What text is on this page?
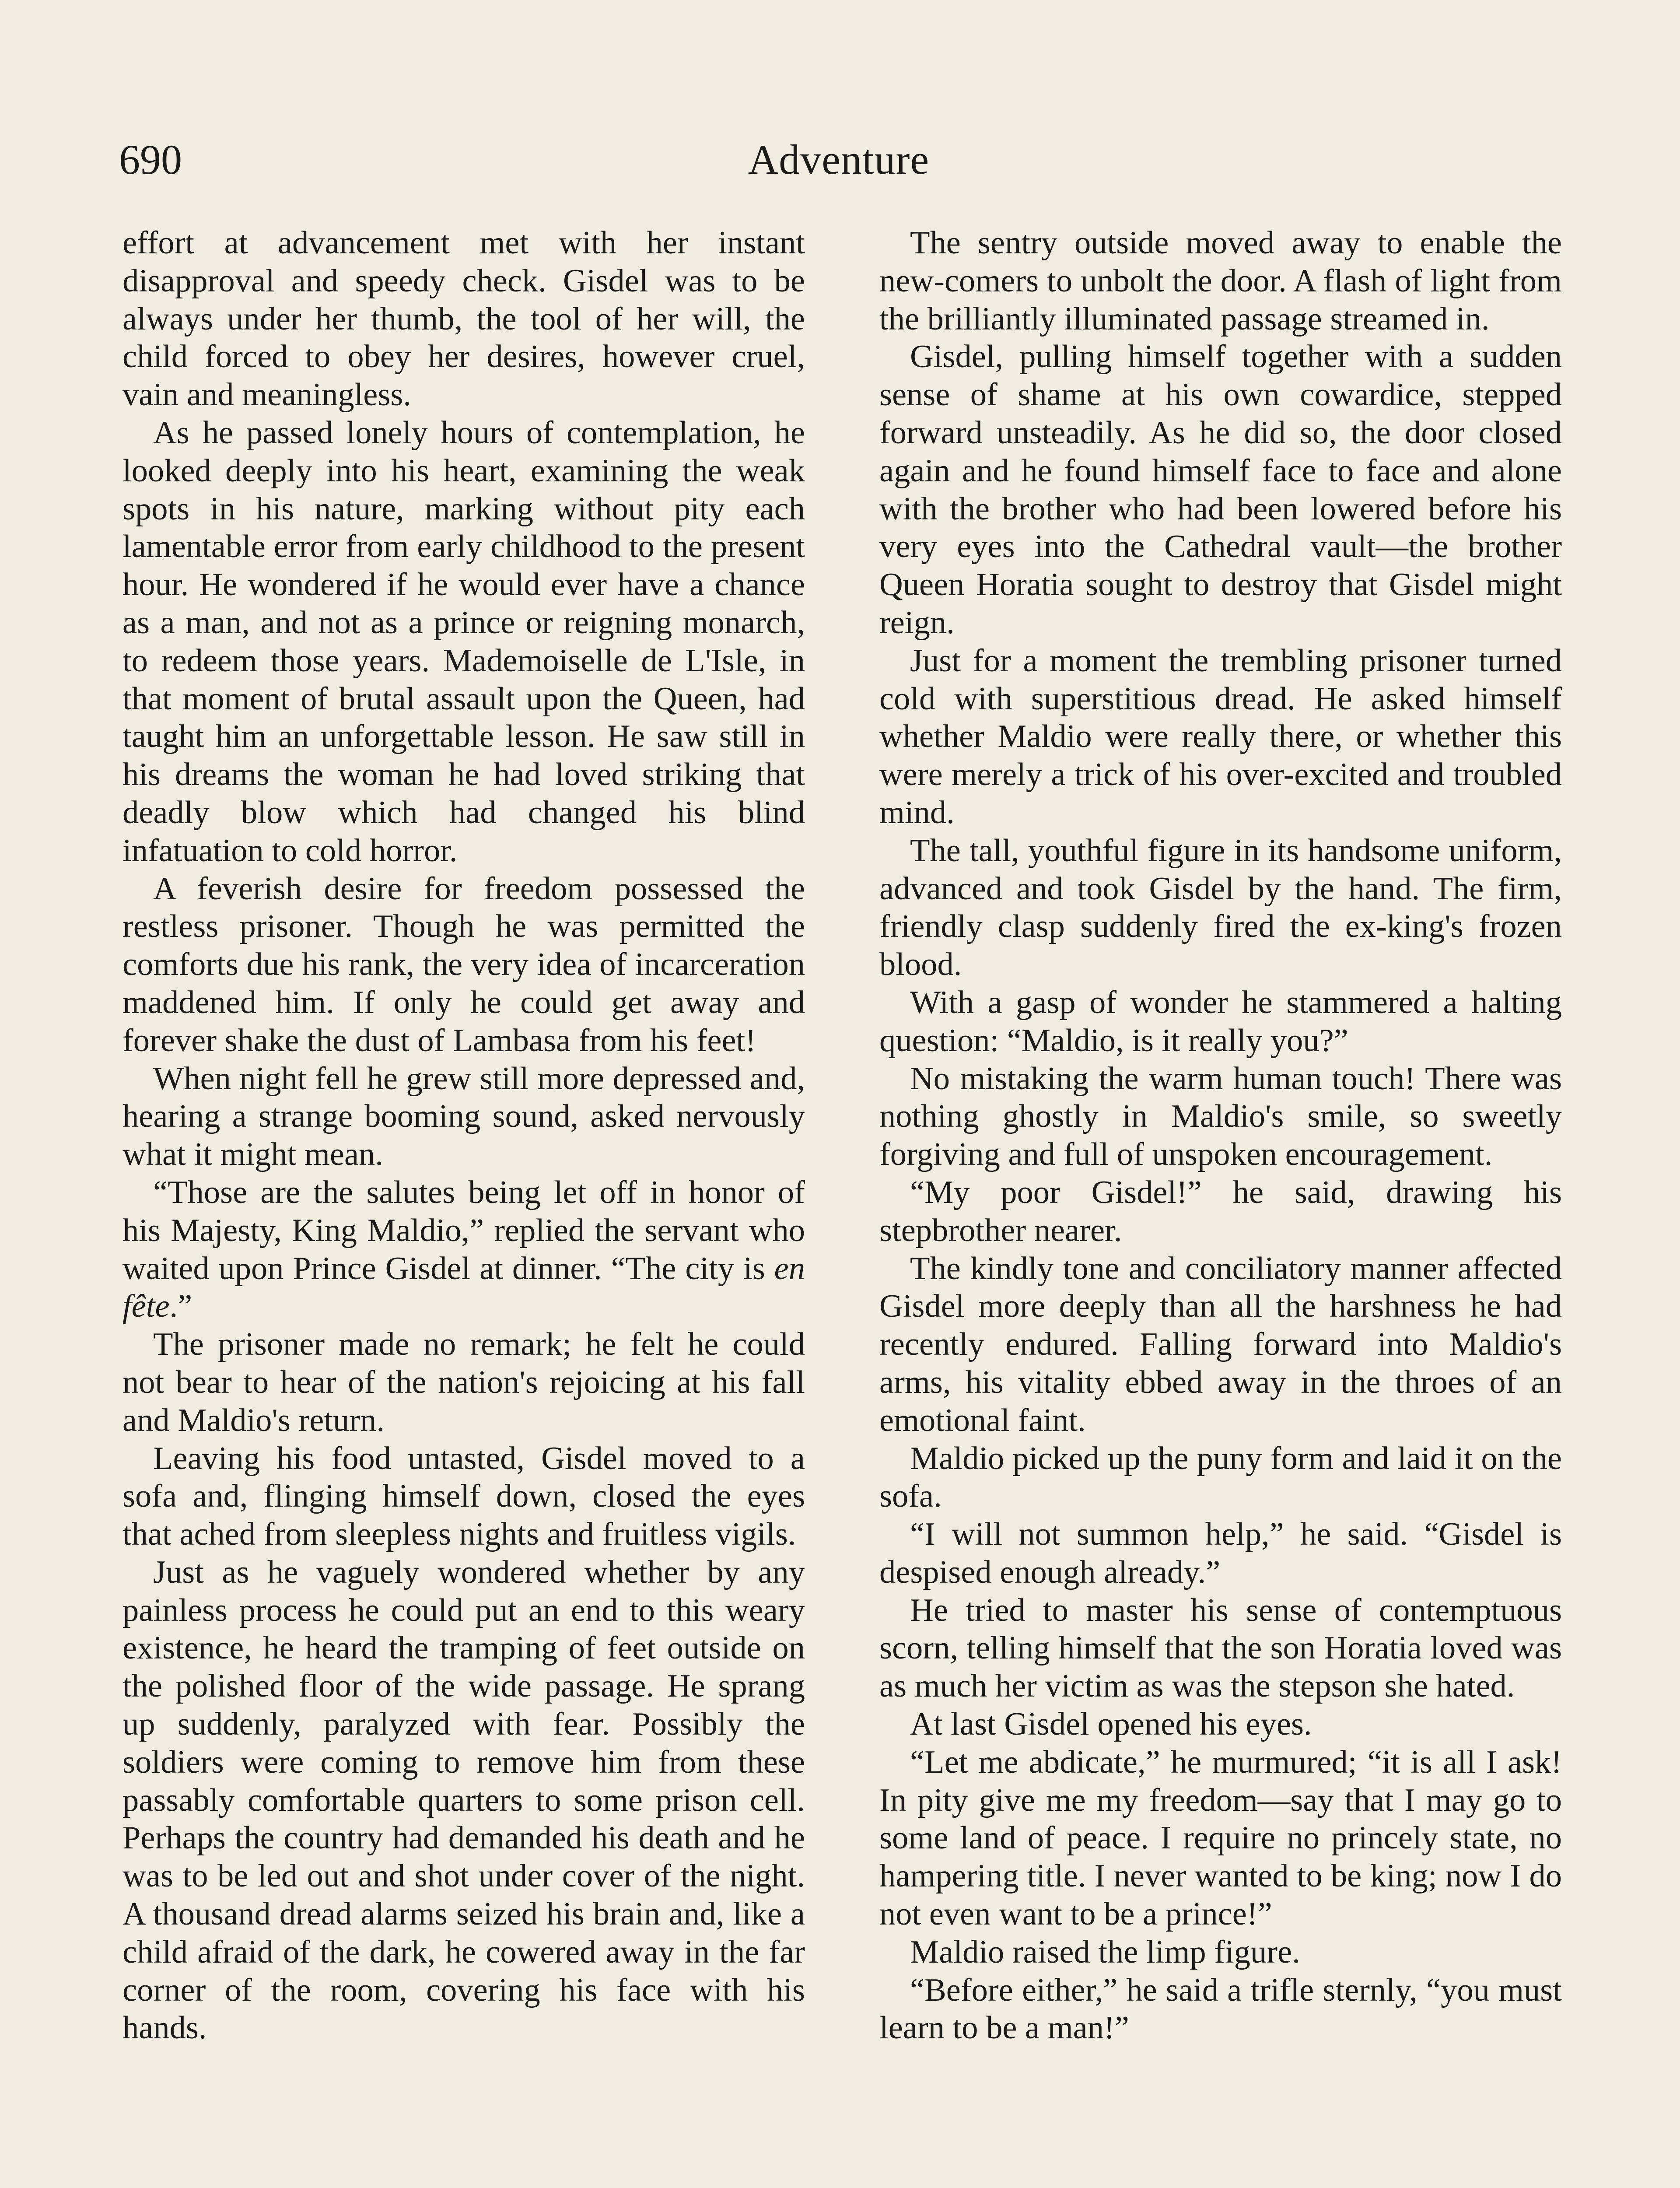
690	Adventure

effort at advancement met with her instant disapproval and speedy check. Gisdel was to be always under her thumb, the tool of her will, the child forced to obey her desires, however cruel, vain and meaningless.

As he passed lonely hours of contemplation, he looked deeply into his heart, examining the weak spots in his nature, marking without pity each lamentable error from early childhood to the present hour. He wondered if he would ever have a chance as a man, and not as a prince or reigning monarch, to redeem those years. Mademoiselle de L'Isle, in that moment of brutal assault upon the Queen, had taught him an unforgettable lesson. He saw still in his dreams the woman he had loved striking that deadly blow which had changed his blind infatuation to cold horror.

A feverish desire for freedom possessed the restless prisoner. Though he was permitted the comforts due his rank, the very idea of incarceration maddened him. If only he could get away and forever shake the dust of Lambasa from his feet!

When night fell he grew still more depressed and, hearing a strange booming sound, asked nervously what it might mean.

“Those are the salutes being let off in honor of his Majesty, King Maldio,” replied the servant who waited upon Prince Gisdel at dinner. “The city is en fête.”

The prisoner made no remark; he felt he could not bear to hear of the nation's rejoicing at his fall and Maldio's return.

Leaving his food untasted, Gisdel moved to a sofa and, flinging himself down, closed the eyes that ached from sleepless nights and fruitless vigils.

Just as he vaguely wondered whether by any painless process he could put an end to this weary existence, he heard the tramping of feet outside on the polished floor of the wide passage. He sprang up suddenly, paralyzed with fear. Possibly the soldiers were coming to remove him from these passably comfortable quarters to some prison cell. Perhaps the country had demanded his death and he was to be led out and shot under cover of the night. A thousand dread alarms seized his brain and, like a child afraid of the dark, he cowered away in the far corner of the room, covering his face with his hands.

The sentry outside moved away to enable the new-comers to unbolt the door. A flash of light from the brilliantly illuminated passage streamed in.

Gisdel, pulling himself together with a sudden sense of shame at his own cowardice, stepped forward unsteadily. As he did so, the door closed again and he found himself face to face and alone with the brother who had been lowered before his very eyes into the Cathedral vault—the brother Queen Horatia sought to destroy that Gisdel might reign.

Just for a moment the trembling prisoner turned cold with superstitious dread. He asked himself whether Maldio were really there, or whether this were merely a trick of his over-excited and troubled mind.

The tall, youthful figure in its handsome uniform, advanced and took Gisdel by the hand. The firm, friendly clasp suddenly fired the ex-king's frozen blood.

With a gasp of wonder he stammered a halting question: “Maldio, is it really you?”

No mistaking the warm human touch! There was nothing ghostly in Maldio's smile, so sweetly forgiving and full of unspoken encouragement.

“My poor Gisdel!” he said, drawing his stepbrother nearer.

The kindly tone and conciliatory manner affected Gisdel more deeply than all the harshness he had recently endured. Falling forward into Maldio's arms, his vitality ebbed away in the throes of an emotional faint.

Maldio picked up the puny form and laid it on the sofa.

“I will not summon help,” he said. “Gisdel is despised enough already.”

He tried to master his sense of contemptuous scorn, telling himself that the son Horatia loved was as much her victim as was the stepson she hated.

At last Gisdel opened his eyes.

“Let me abdicate,” he murmured; “it is all I ask! In pity give me my freedom—say that I may go to some land of peace. I require no princely state, no hampering title. I never wanted to be king; now I do not even want to be a prince!”

Maldio raised the limp figure.

“Before either,” he said a trifle sternly, “you must learn to be a man!”
